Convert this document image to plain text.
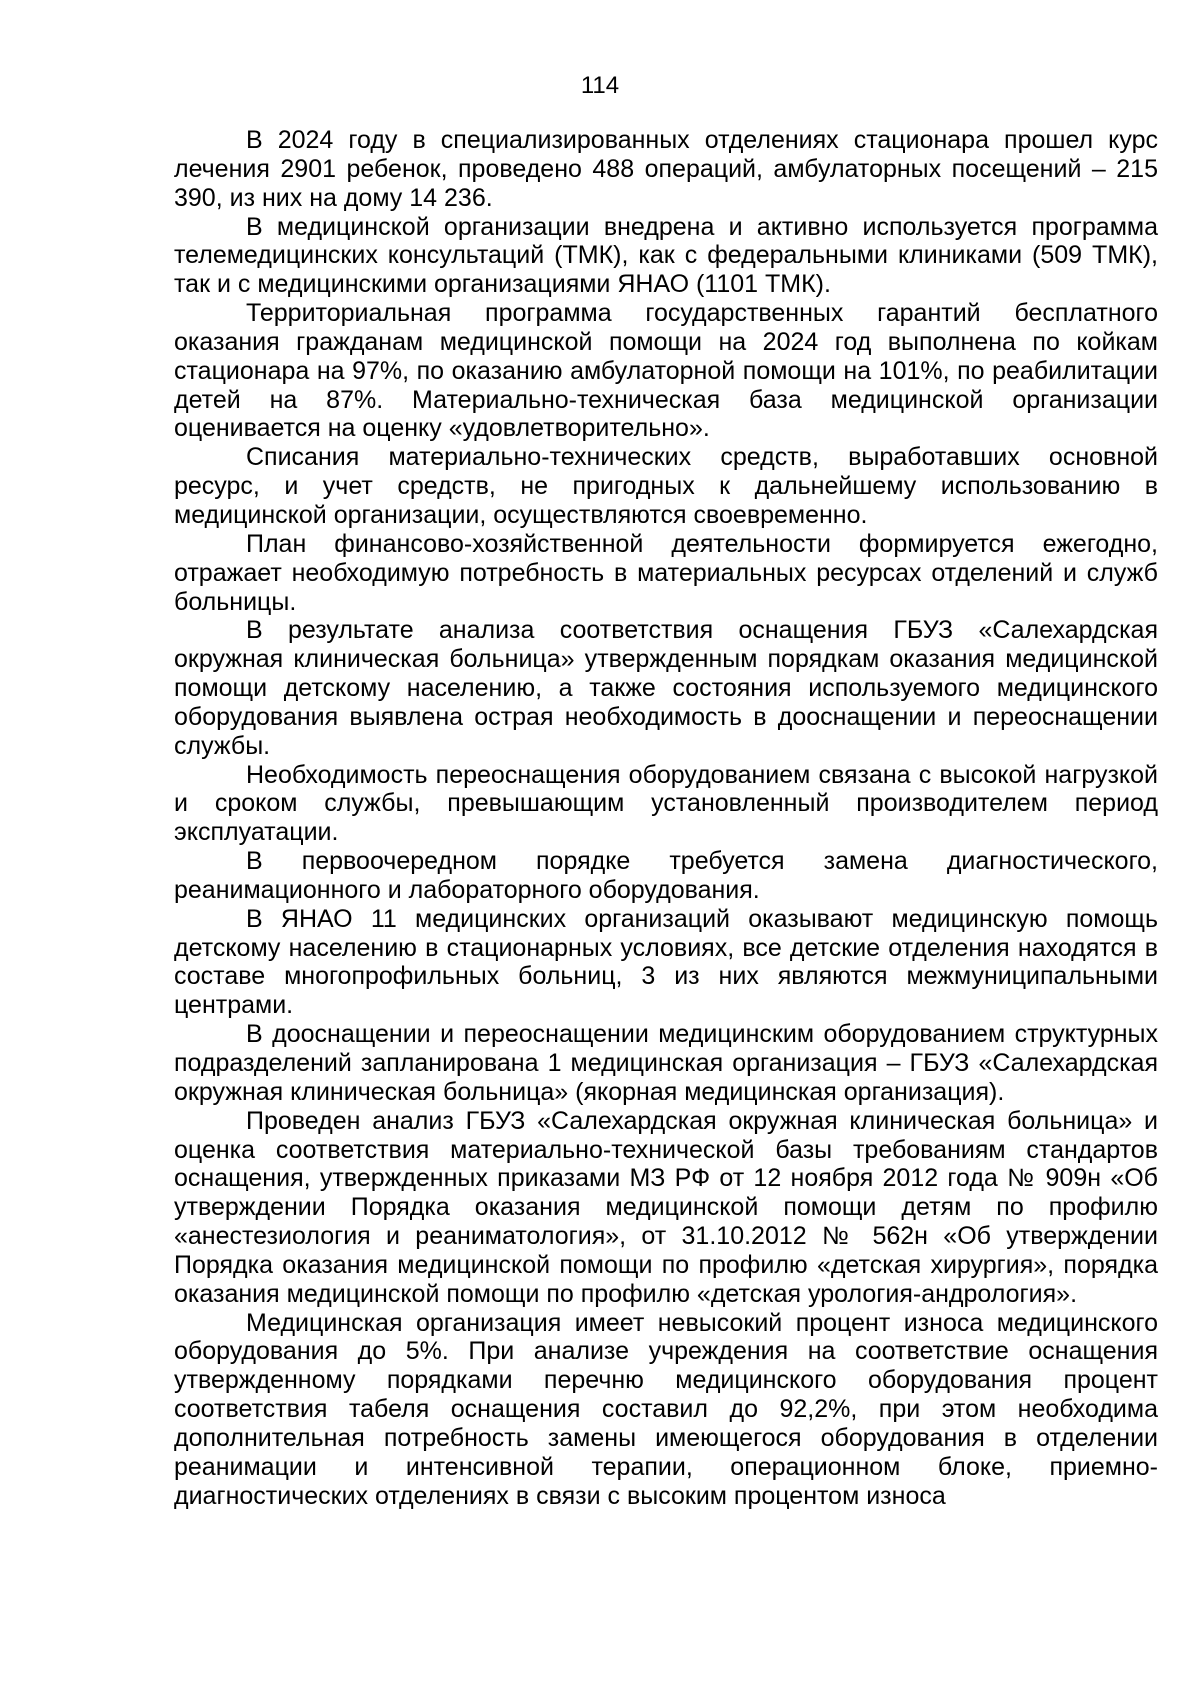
114

В 2024 году в специализированных отделениях стационара прошел курс лечения 2901 ребенок, проведено 488 операций, амбулаторных посещений – 215 390, из них на дому 14 236.

В медицинской организации внедрена и активно используется программа телемедицинских консультаций (ТМК), как с федеральными клиниками (509 ТМК), так и с медицинскими организациями ЯНАО (1101 ТМК).

Территориальная программа государственных гарантий бесплатного оказания гражданам медицинской помощи на 2024 год выполнена по койкам стационара на 97%, по оказанию амбулаторной помощи на 101%, по реабилитации детей на 87%. Материально-техническая база медицинской организации оценивается на оценку «удовлетворительно».

Списания материально-технических средств, выработавших основной ресурс, и учет средств, не пригодных к дальнейшему использованию в медицинской организации, осуществляются своевременно.

План финансово-хозяйственной деятельности формируется ежегодно, отражает необходимую потребность в материальных ресурсах отделений и служб больницы.

В результате анализа соответствия оснащения ГБУЗ «Салехардская окружная клиническая больница» утвержденным порядкам оказания медицинской помощи детскому населению, а также состояния используемого медицинского оборудования выявлена острая необходимость в дооснащении и переоснащении службы.

Необходимость переоснащения оборудованием связана с высокой нагрузкой и сроком службы, превышающим установленный производителем период эксплуатации.

В первоочередном порядке требуется замена диагностического, реанимационного и лабораторного оборудования.

В ЯНАО 11 медицинских организаций оказывают медицинскую помощь детскому населению в стационарных условиях, все детские отделения находятся в составе многопрофильных больниц, 3 из них являются межмуниципальными центрами.

В дооснащении и переоснащении медицинским оборудованием структурных подразделений запланирована 1 медицинская организация – ГБУЗ «Салехардская окружная клиническая больница» (якорная медицинская организация).

Проведен анализ ГБУЗ «Салехардская окружная клиническая больница» и оценка соответствия материально-технической базы требованиям стандартов оснащения, утвержденных приказами МЗ РФ от 12 ноября 2012 года № 909н «Об утверждении Порядка оказания медицинской помощи детям по профилю «анестезиология и реаниматология», от 31.10.2012 № 562н «Об утверждении Порядка оказания медицинской помощи по профилю «детская хирургия», порядка оказания медицинской помощи по профилю «детская урология-андрология».

Медицинская организация имеет невысокий процент износа медицинского оборудования до 5%. При анализе учреждения на соответствие оснащения утвержденному порядками перечню медицинского оборудования процент соответствия табеля оснащения составил до 92,2%, при этом необходима дополнительная потребность замены имеющегося оборудования в отделении реанимации и интенсивной терапии, операционном блоке, приемно-диагностических отделениях в связи с высоким процентом износа
